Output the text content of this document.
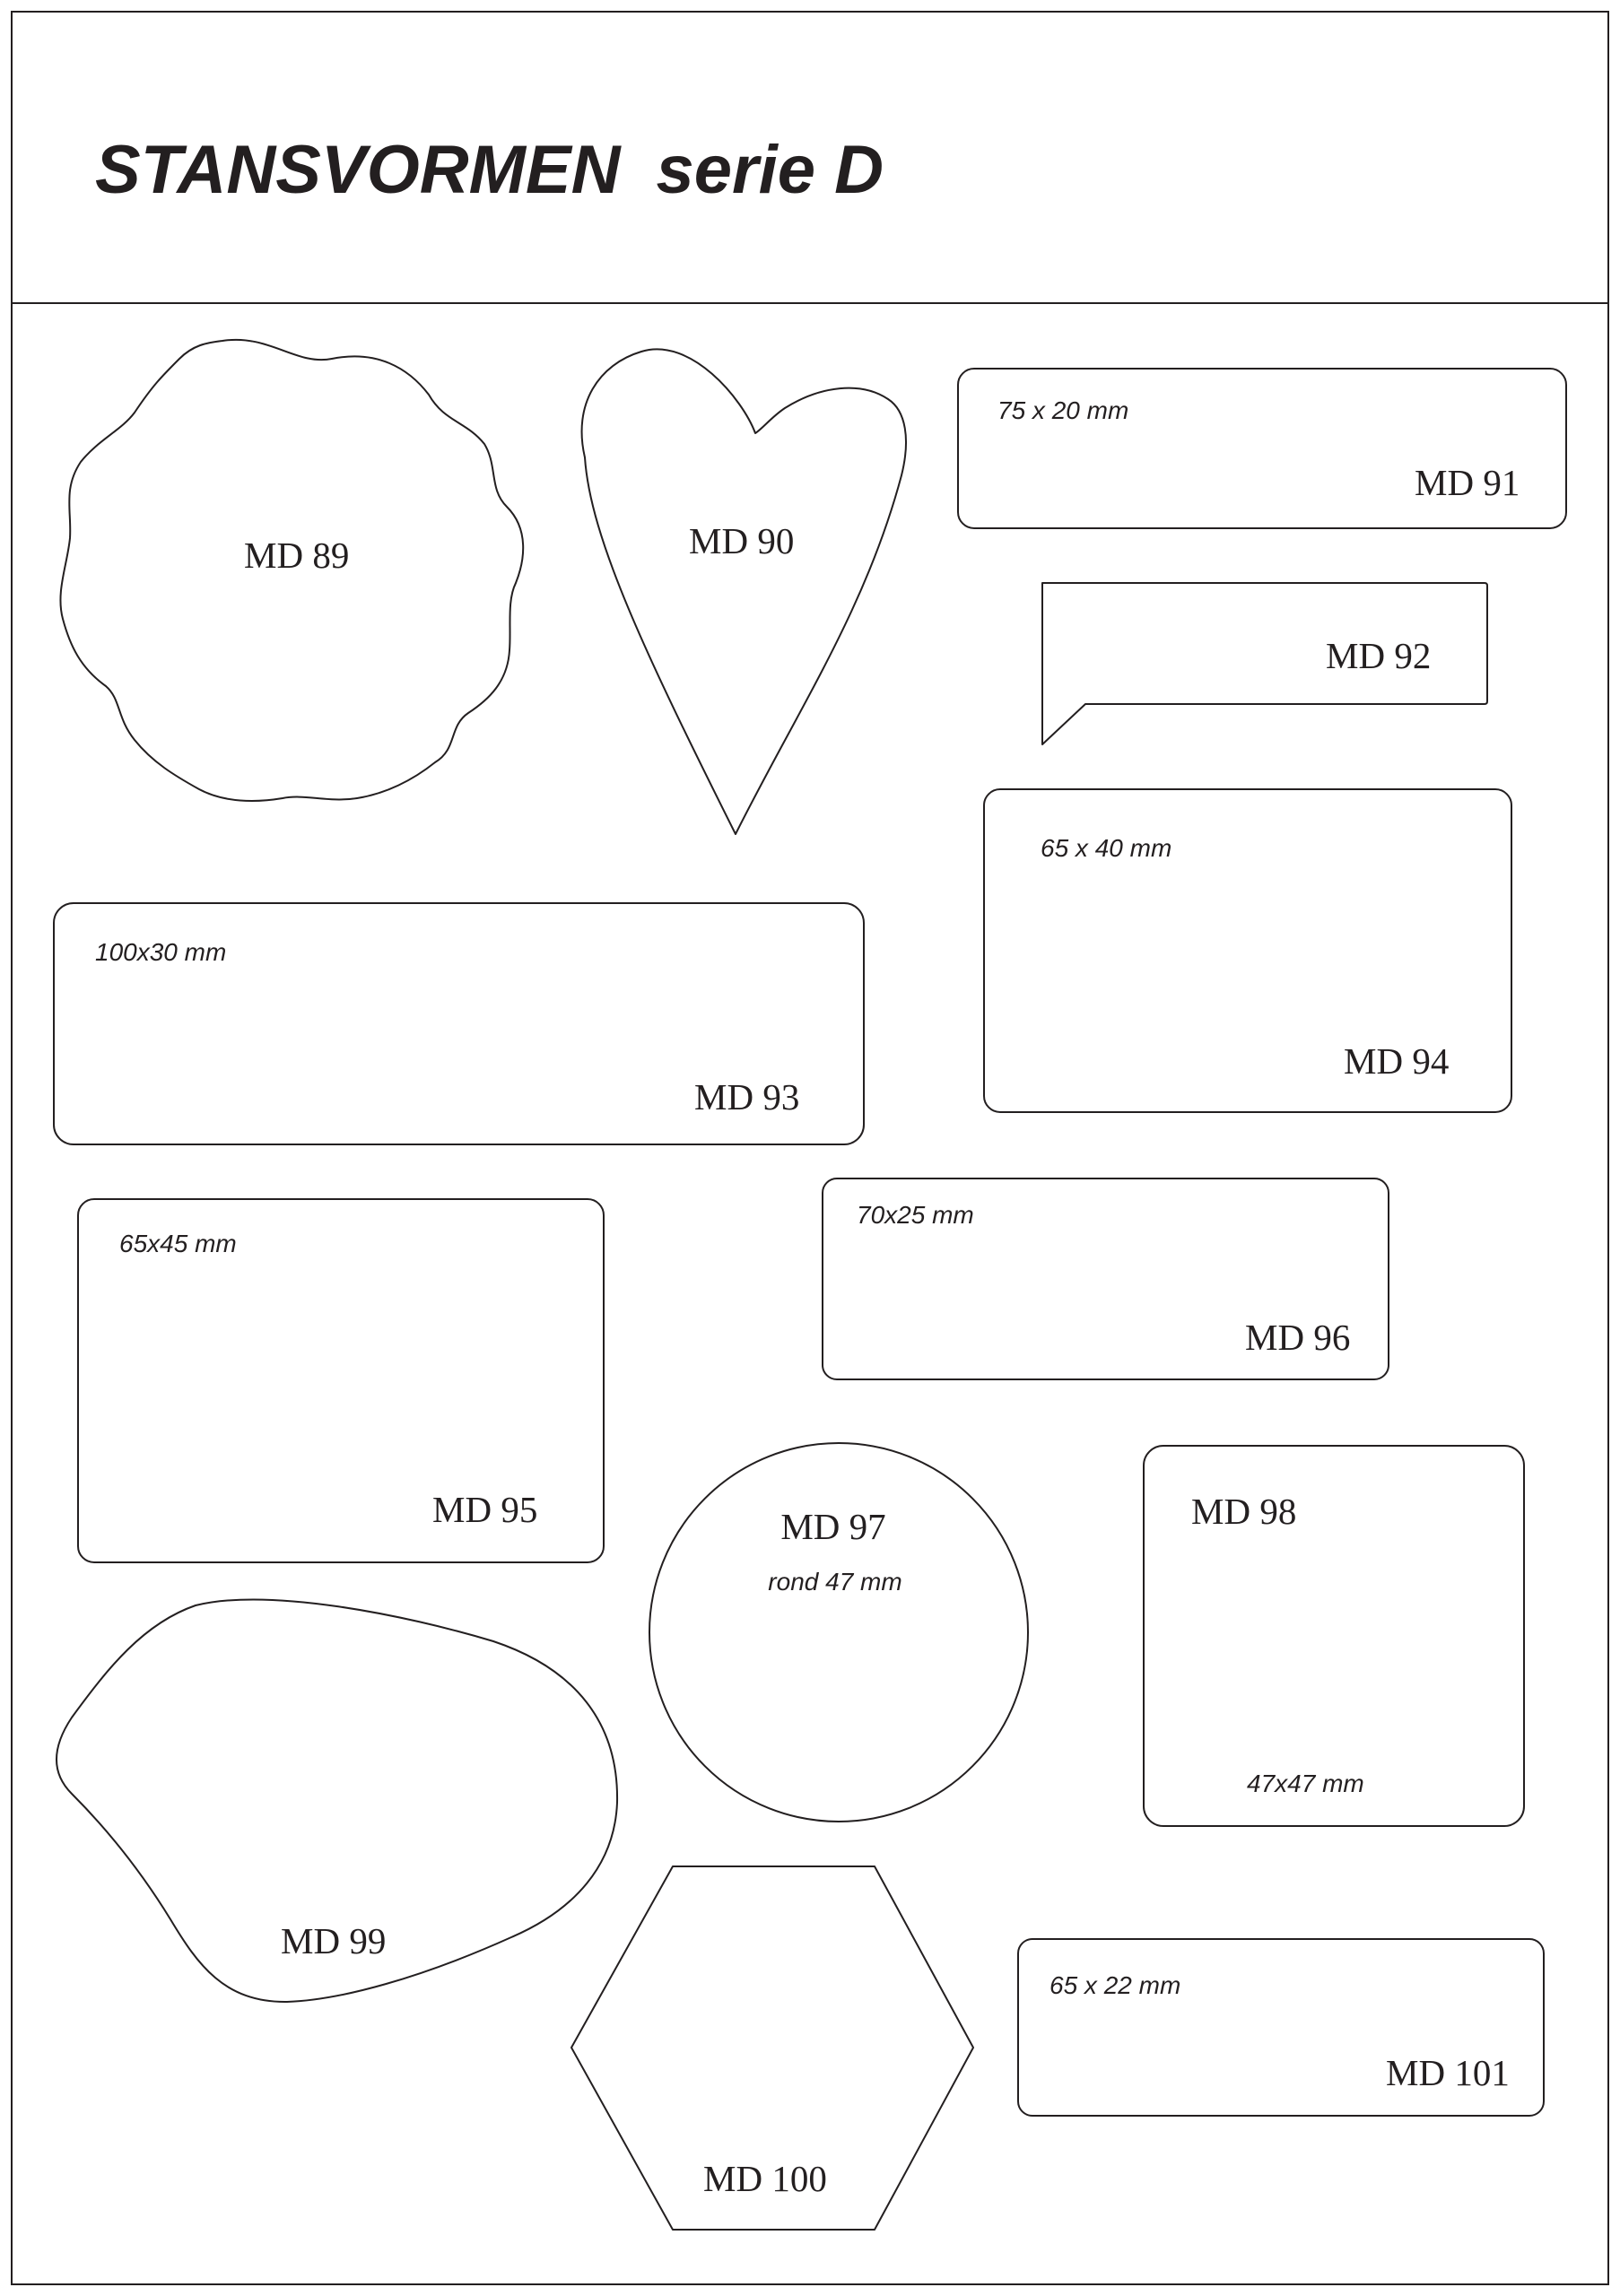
STANSVORMEN serie D
MD 89	MD 90
75 x 20 mm
MD 91
MD 92
65 x 40 mm
MD 94
100x30 mm
MD 93
65x45 mm
MD 95
70x25 mm
MD 96
MD 97
rond 47 mm
MD 98
47x47 mm
MD 99
MD 100
65 x 22 mm
MD 101
